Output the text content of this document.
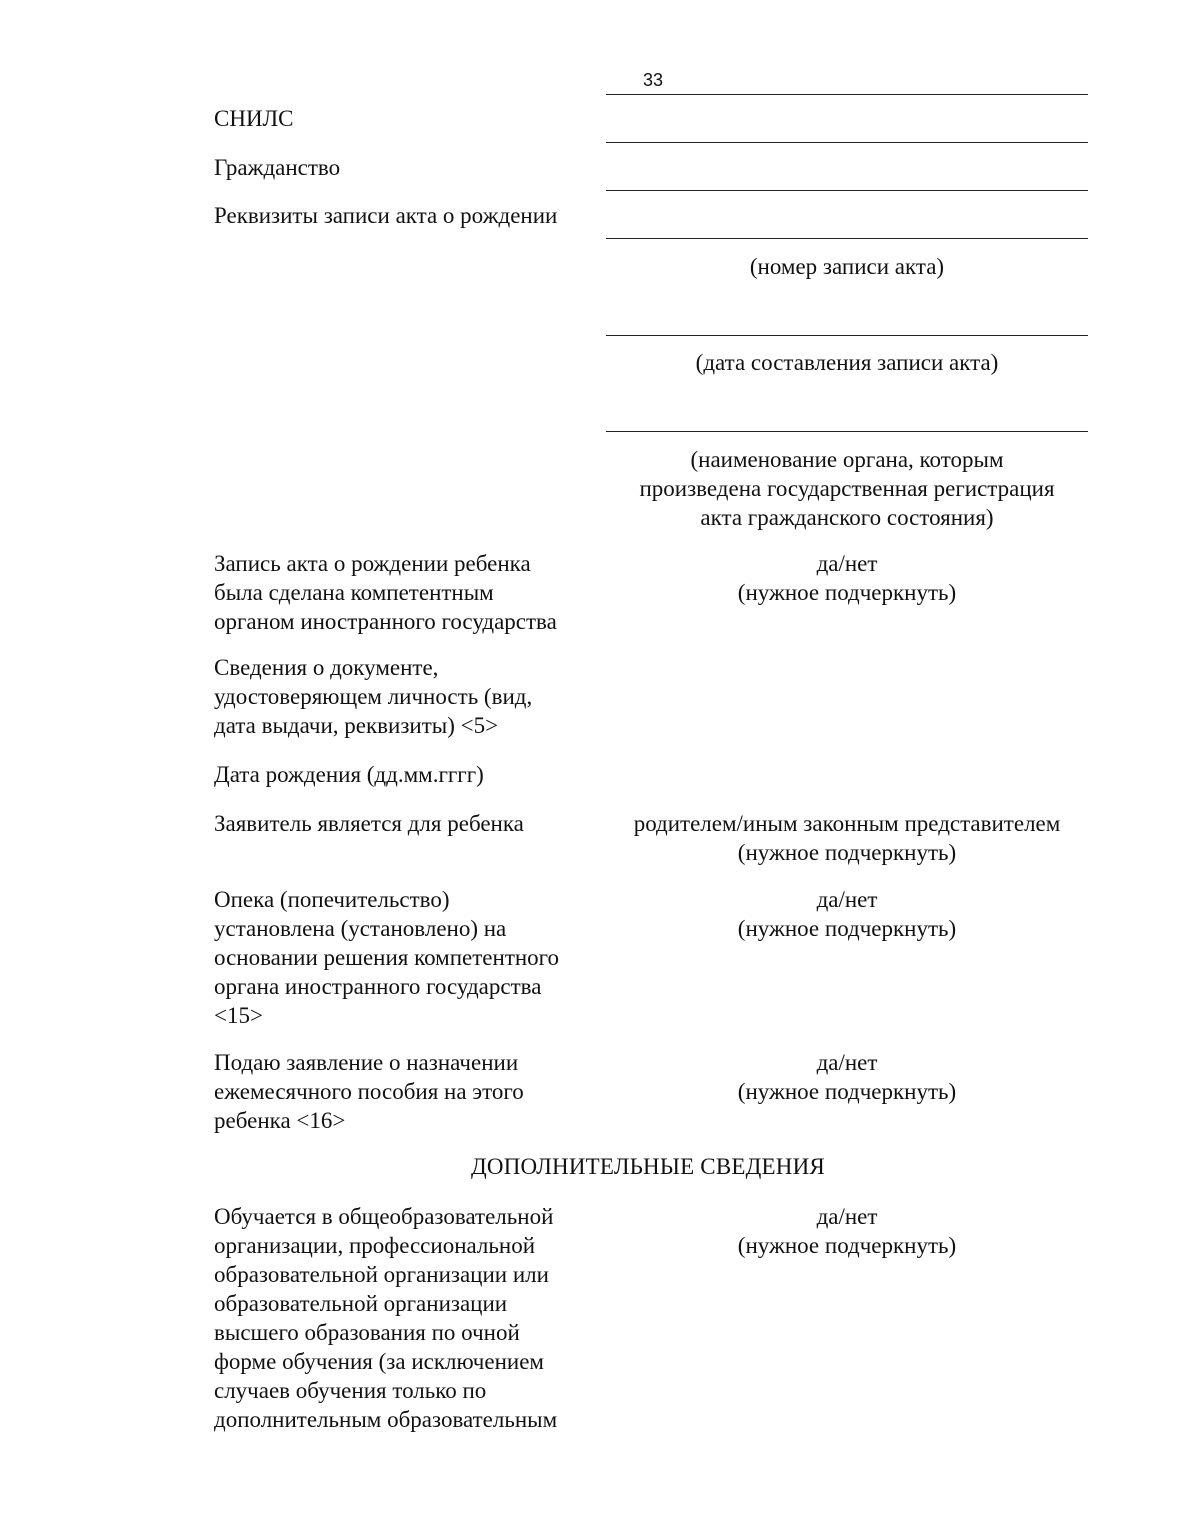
33
СНИЛС
Гражданство
Реквизиты записи акта о рождении
(номер записи акта)
(дата составления записи акта)
(наименование органа, которым
произведена государственная регистрация
акта гражданского состояния)
Запись акта о рождении ребенка
была сделана компетентным
органом иностранного государства
да/нет
(нужное подчеркнуть)
Сведения о документе,
удостоверяющем личность (вид,
дата выдачи, реквизиты) <5>
Дата рождения (дд.мм.гггг)
Заявитель является для ребенка	родителем/иным законным представителем
(нужное подчеркнуть)
Опека (попечительство)
установлена (установлено) на
основании решения компетентного
органа иностранного государства
<15>
да/нет
(нужное подчеркнуть)
Подаю заявление о назначении
ежемесячного пособия на этого
ребенка <16>
да/нет
(нужное подчеркнуть)
ДОПОЛНИТЕЛЬНЫЕ СВЕДЕНИЯ
Обучается в общеобразовательной
организации, профессиональной
образовательной организации или
образовательной организации
высшего образования по очной
форме обучения (за исключением
случаев обучения только по
дополнительным образовательным
да/нет
(нужное подчеркнуть)
